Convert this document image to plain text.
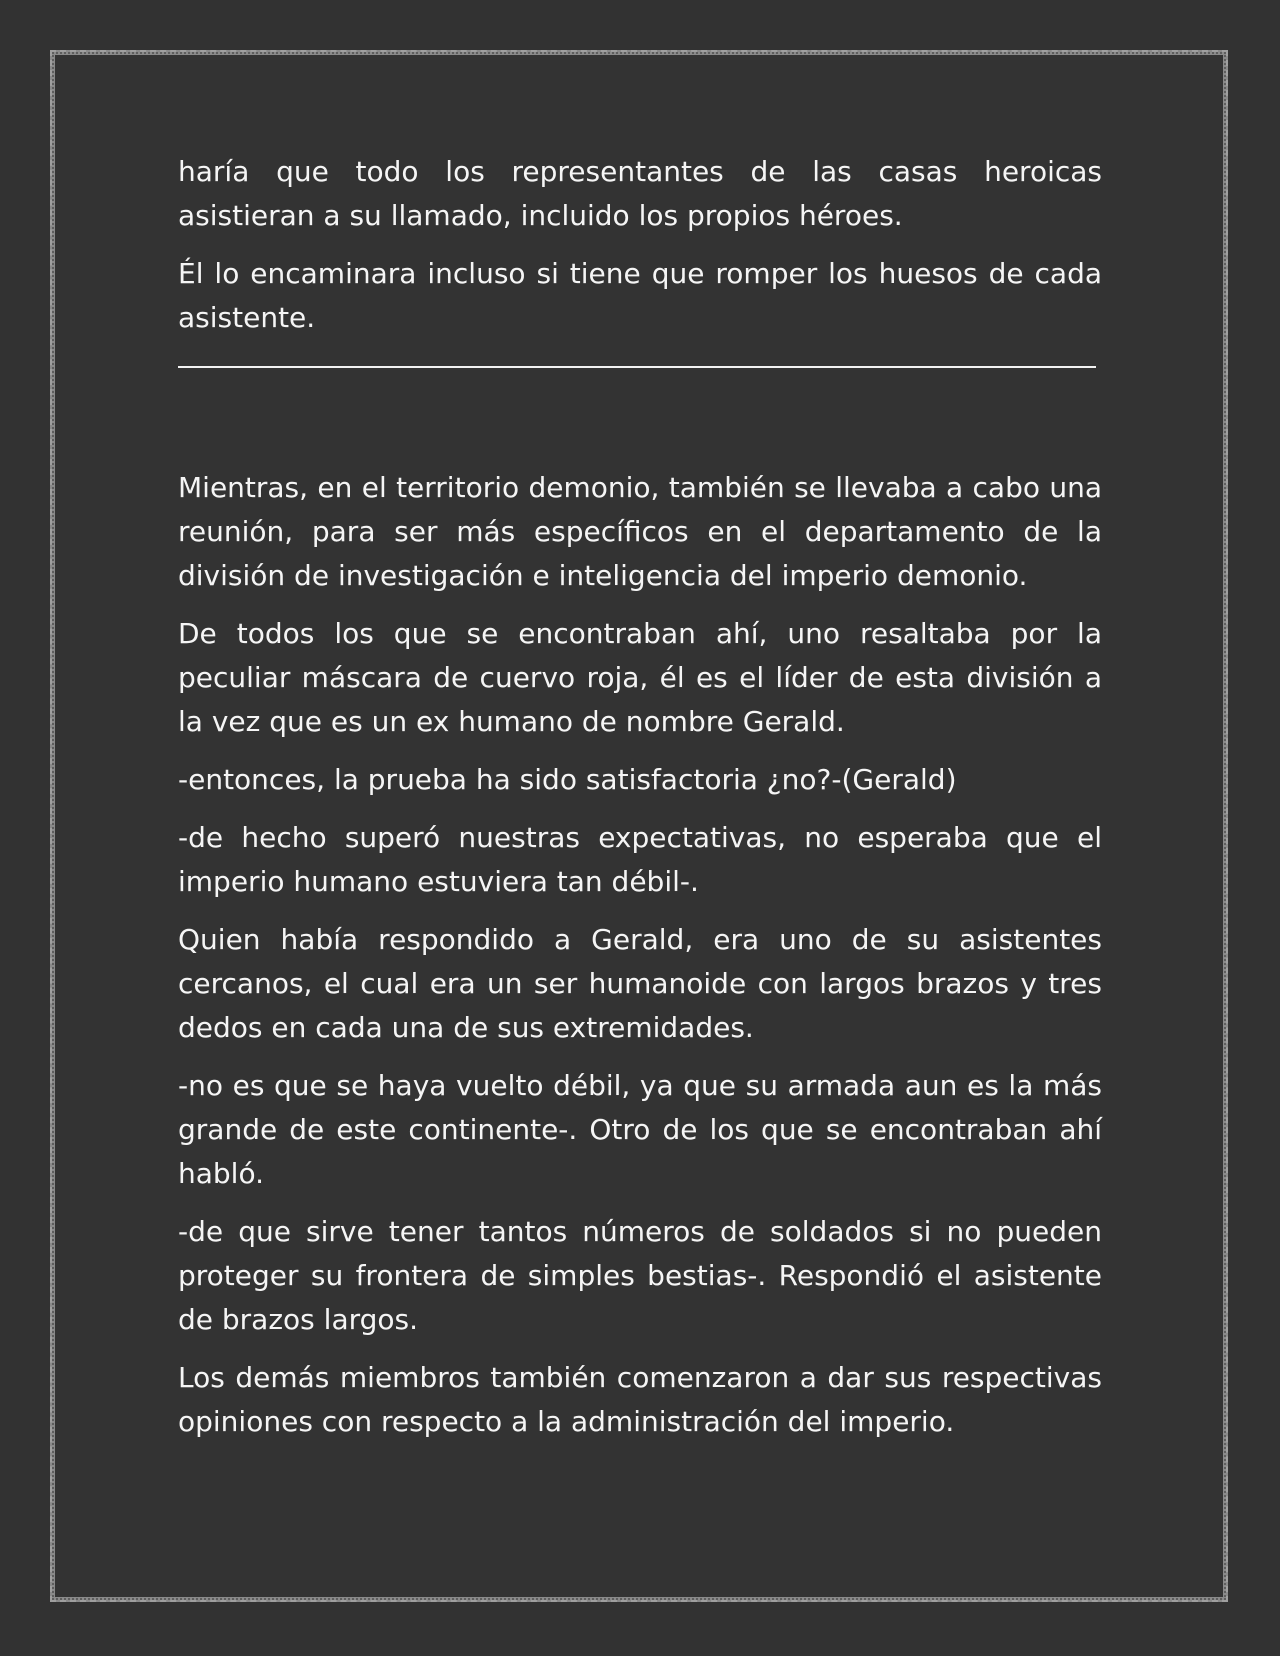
haría que todo los representantes de las casas heroicas asistieran a su llamado, incluido los propios héroes.

Él lo encaminara incluso si tiene que romper los huesos de cada asistente.

Mientras, en el territorio demonio, también se llevaba a cabo una reunión, para ser más específicos en el departamento de la división de investigación e inteligencia del imperio demonio.

De todos los que se encontraban ahí, uno resaltaba por la peculiar máscara de cuervo roja, él es el líder de esta división a la vez que es un ex humano de nombre Gerald.

-entonces, la prueba ha sido satisfactoria ¿no?-(Gerald)

-de hecho superó nuestras expectativas, no esperaba que el imperio humano estuviera tan débil-.

Quien había respondido a Gerald, era uno de su asistentes cercanos, el cual era un ser humanoide con largos brazos y tres dedos en cada una de sus extremidades.

-no es que se haya vuelto débil, ya que su armada aun es la más grande de este continente-. Otro de los que se encontraban ahí habló.

-de que sirve tener tantos números de soldados si no pueden proteger su frontera de simples bestias-. Respondió el asistente de brazos largos.

Los demás miembros también comenzaron a dar sus respectivas opiniones con respecto a la administración del imperio.
